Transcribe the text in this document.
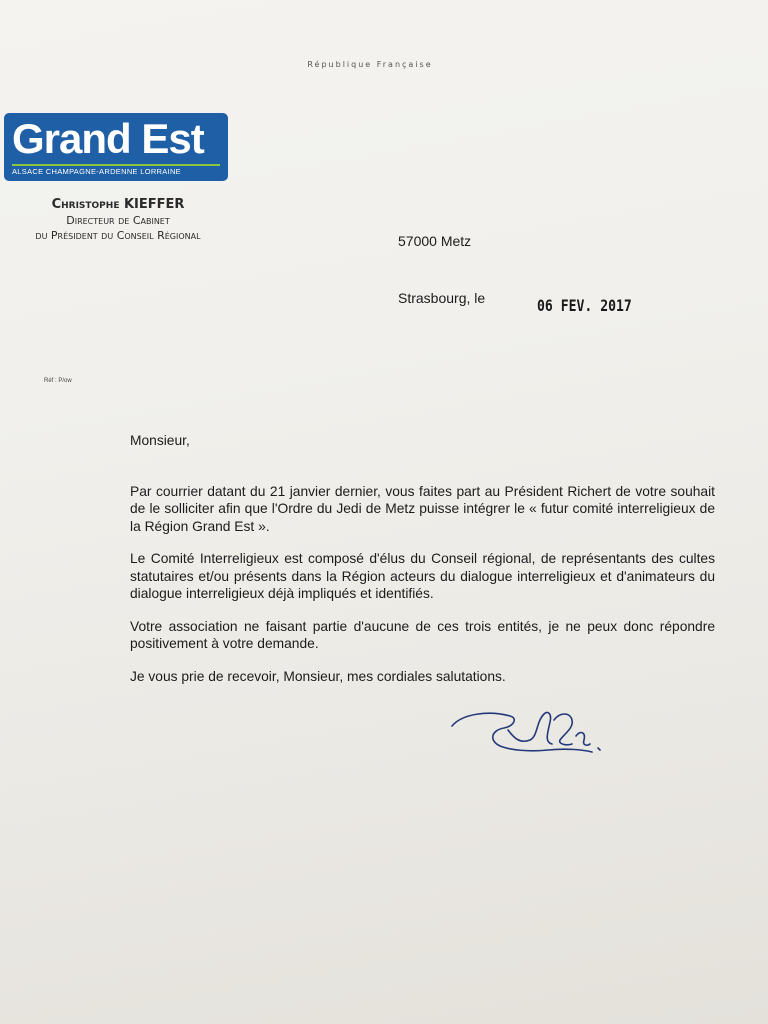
République Française
Grand Est
ALSACE CHAMPAGNE-ARDENNE LORRAINE
Christophe KIEFFER
Directeur de Cabinet
du Président du Conseil Régional	57000 Metz
Strasbourg, le	06 FEV. 2017
Réf : P/ow

Monsieur,

Par courrier datant du 21 janvier dernier, vous faites part au Président Richert de votre souhait de le solliciter afin que l'Ordre du Jedi de Metz puisse intégrer le « futur comité interreligieux de la Région Grand Est ».

Le Comité Interreligieux est composé d'élus du Conseil régional, de représentants des cultes statutaires et/ou présents dans la Région acteurs du dialogue interreligieux et d'animateurs du dialogue interreligieux déjà impliqués et identifiés.

Votre association ne faisant partie d'aucune de ces trois entités, je ne peux donc répondre positivement à votre demande.

Je vous prie de recevoir, Monsieur, mes cordiales salutations.
